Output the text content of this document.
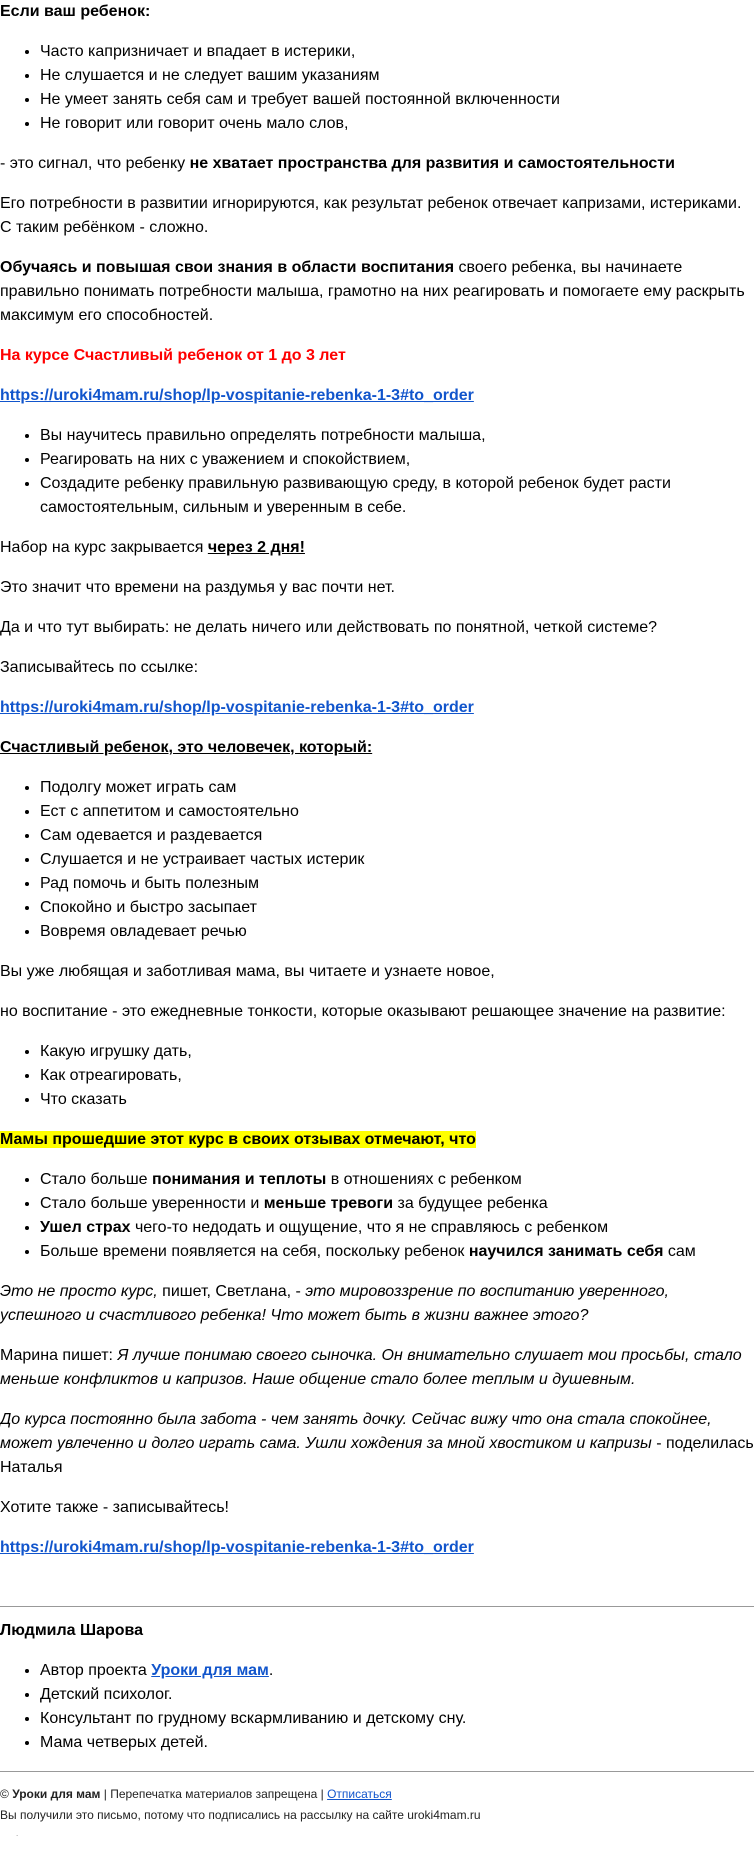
Если ваш ребенок:

• Часто капризничает и впадает в истерики,
• Не слушается и не следует вашим указаниям
• Не умеет занять себя сам и требует вашей постоянной включенности
• Не говорит или говорит очень мало слов,

- это сигнал, что ребенку не хватает пространства для развития и самостоятельности

Его потребности в развитии игнорируются, как результат ребенок отвечает капризами, истериками. С таким ребёнком - сложно.

Обучаясь и повышая свои знания в области воспитания своего ребенка, вы начинаете правильно понимать потребности малыша, грамотно на них реагировать и помогаете ему раскрыть максимум его способностей.

На курсе Счастливый ребенок от 1 до 3 лет

https://uroki4mam.ru/shop/lp-vospitanie-rebenka-1-3#to_order

• Вы научитесь правильно определять потребности малыша,
• Реагировать на них с уважением и спокойствием,
• Создадите ребенку правильную развивающую среду, в которой ребенок будет расти самостоятельным, сильным и уверенным в себе.

Набор на курс закрывается через 2 дня!

Это значит что времени на раздумья у вас почти нет.

Да и что тут выбирать: не делать ничего или действовать по понятной, четкой системе?

Записывайтесь по ссылке:

https://uroki4mam.ru/shop/lp-vospitanie-rebenka-1-3#to_order

Счастливый ребенок, это человечек, который:

• Подолгу может играть сам
• Ест с аппетитом и самостоятельно
• Сам одевается и раздевается
• Слушается и не устраивает частых истерик
• Рад помочь и быть полезным
• Спокойно и быстро засыпает
• Вовремя овладевает речью

Вы уже любящая и заботливая мама, вы читаете и узнаете новое,

но воспитание - это ежедневные тонкости, которые оказывают решающее значение на развитие:

• Какую игрушку дать,
• Как отреагировать,
• Что сказать

Мамы прошедшие этот курс в своих отзывах отмечают, что

• Стало больше понимания и теплоты в отношениях с ребенком
• Стало больше уверенности и меньше тревоги за будущее ребенка
• Ушел страх чего-то недодать и ощущение, что я не справляюсь с ребенком
• Больше времени появляется на себя, поскольку ребенок научился занимать себя сам

Это не просто курс, пишет, Светлана, - это мировоззрение по воспитанию уверенного, успешного и счастливого ребенка! Что может быть в жизни важнее этого?

Марина пишет: Я лучше понимаю своего сыночка. Он внимательно слушает мои просьбы, стало меньше конфликтов и капризов. Наше общение стало более теплым и душевным.

До курса постоянно была забота - чем занять дочку. Сейчас вижу что она стала спокойнее, может увлеченно и долго играть сама. Ушли хождения за мной хвостиком и капризы - поделилась Наталья

Хотите также - записывайтесь!

https://uroki4mam.ru/shop/lp-vospitanie-rebenka-1-3#to_order

Людмила Шарова

• Автор проекта Уроки для мам.
• Детский психолог.
• Консультант по грудному вскармливанию и детскому сну.
• Мама четверых детей.

© Уроки для мам | Перепечатка материалов запрещена | Отписаться

Вы получили это письмо, потому что подписались на рассылку на сайте uroki4mam.ru

.
